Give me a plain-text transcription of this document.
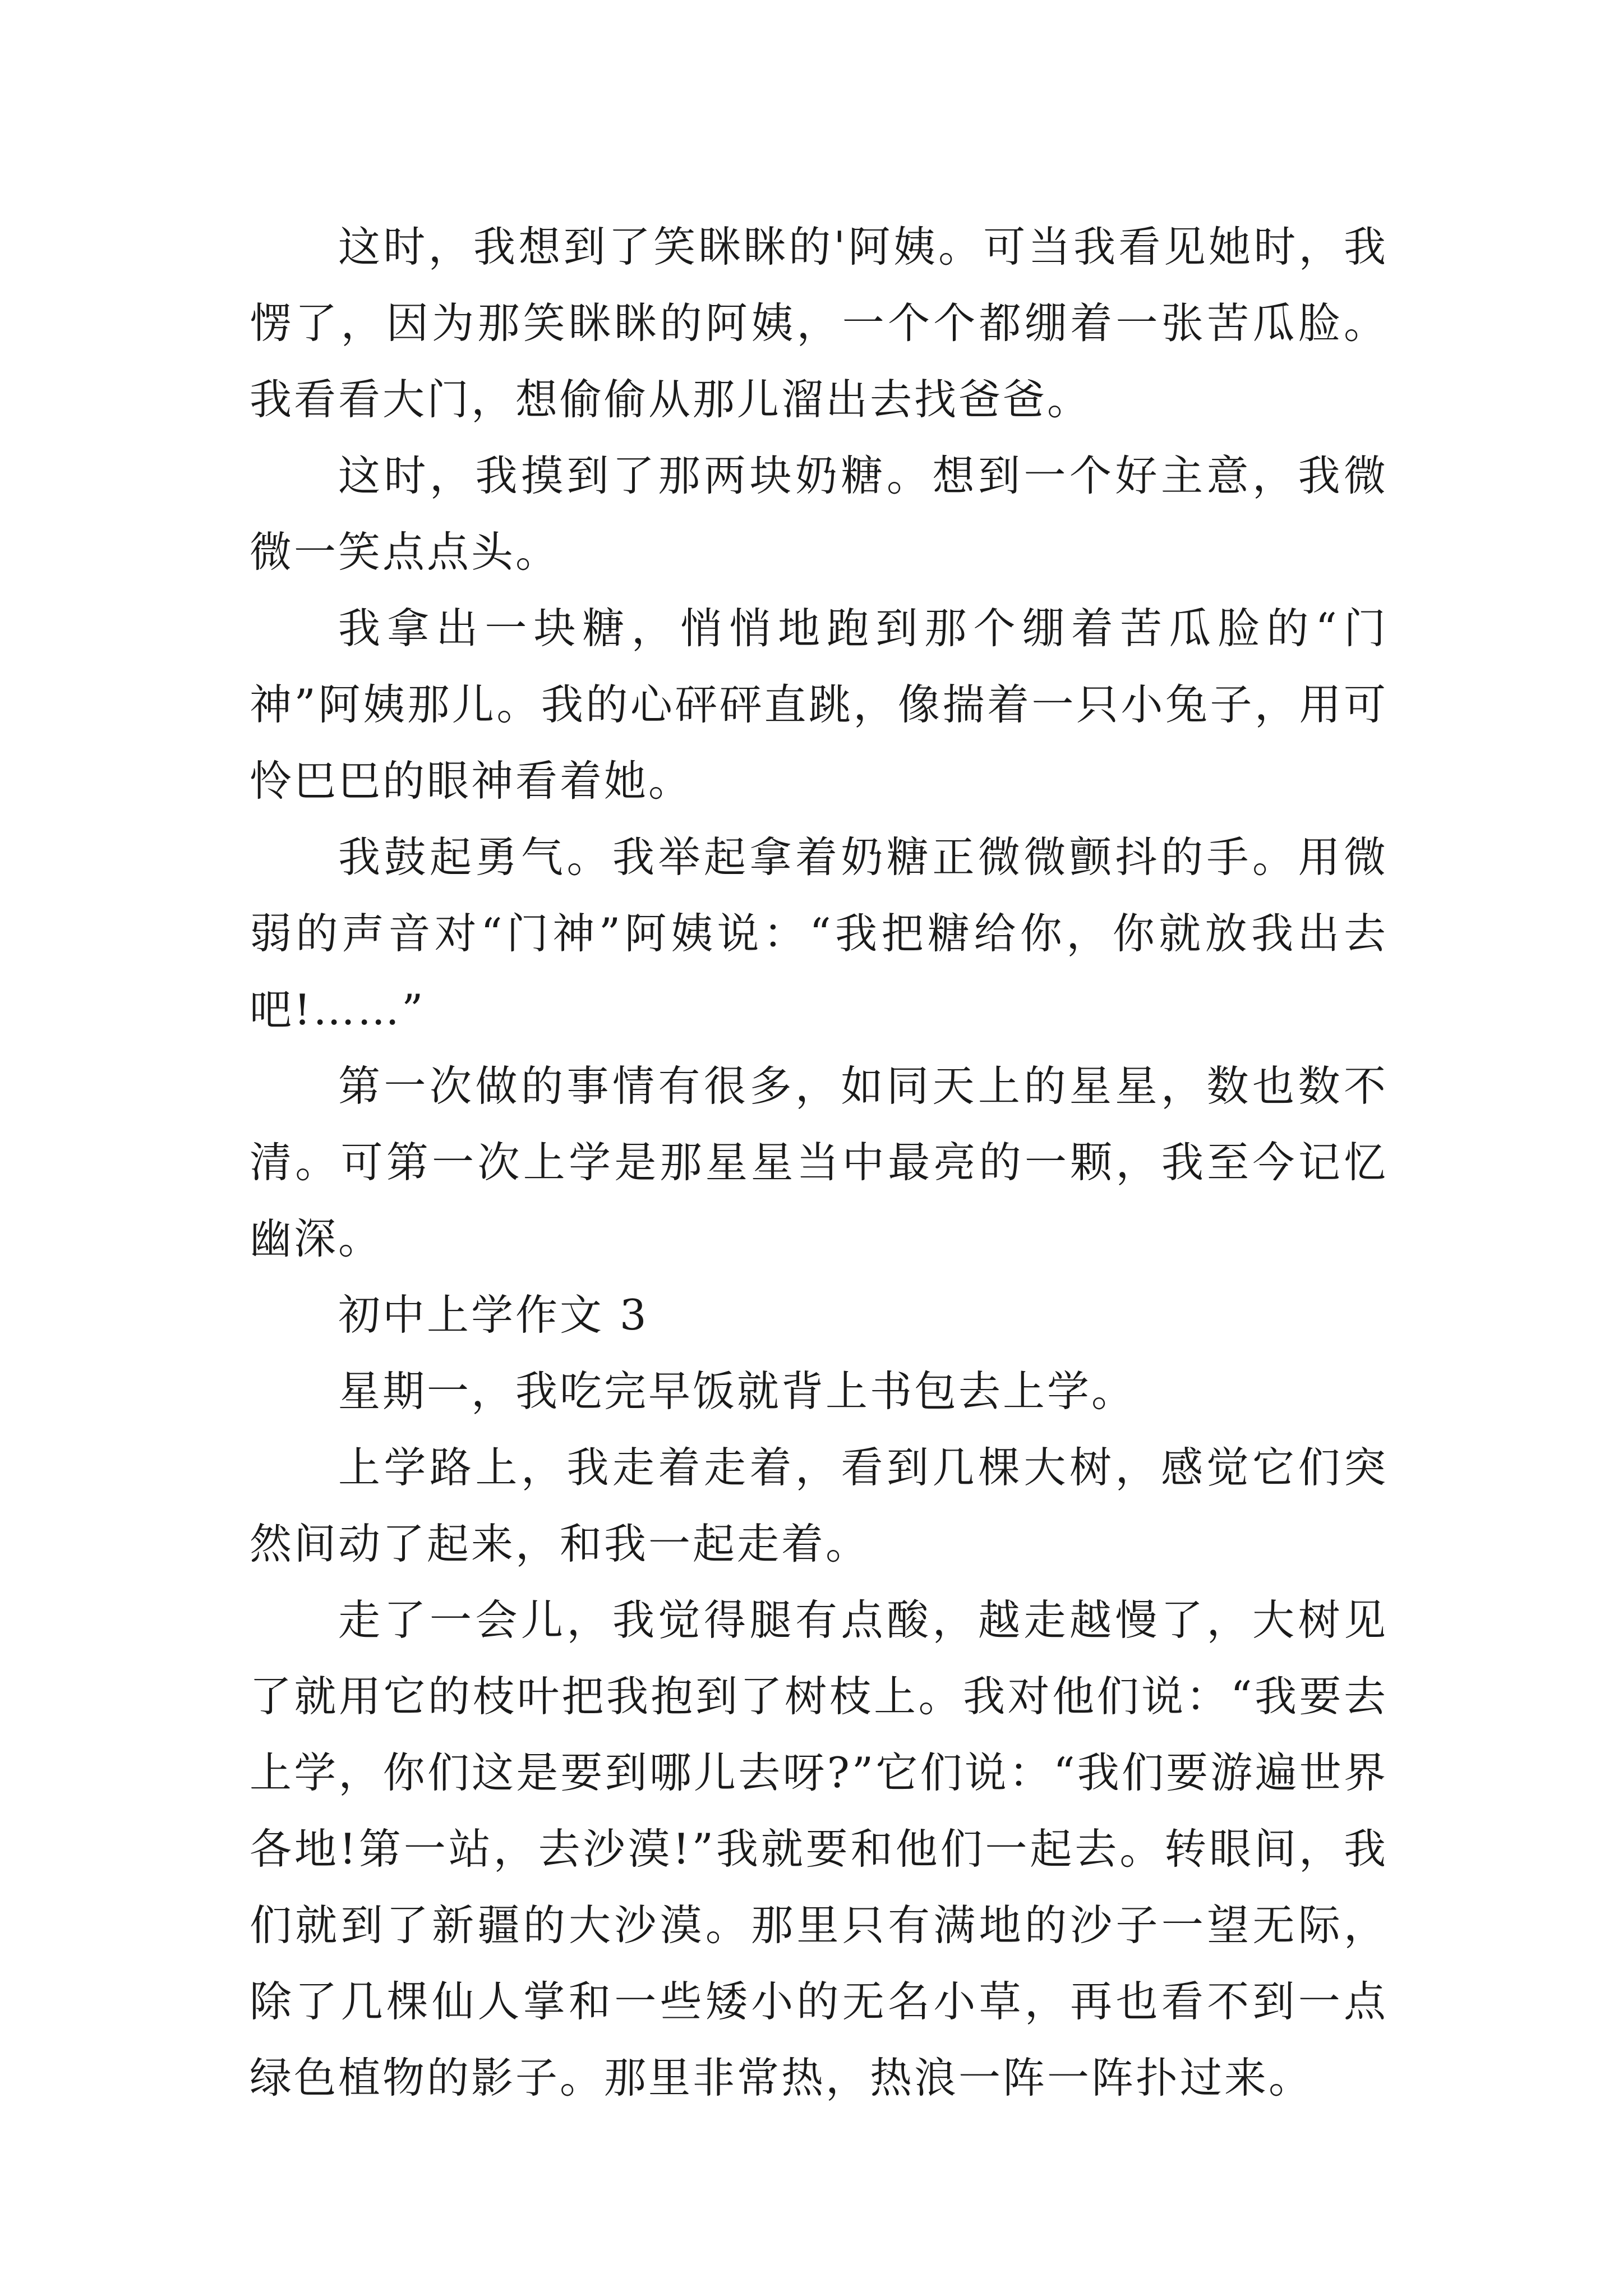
这时，我想到了笑眯眯的'阿姨。可当我看见她时，我愣了，因为那笑眯眯的阿姨，一个个都绷着一张苦瓜脸。我看看大门，想偷偷从那儿溜出去找爸爸。

这时，我摸到了那两块奶糖。想到一个好主意，我微微一笑点点头。

我拿出一块糖，悄悄地跑到那个绷着苦瓜脸的“门神”阿姨那儿。我的心砰砰直跳，像揣着一只小兔子，用可怜巴巴的眼神看着她。

我鼓起勇气。我举起拿着奶糖正微微颤抖的手。用微弱的声音对“门神”阿姨说：“我把糖给你，你就放我出去吧!……”

第一次做的事情有很多，如同天上的星星，数也数不清。可第一次上学是那星星当中最亮的一颗，我至今记忆幽深。

初中上学作文 3

星期一，我吃完早饭就背上书包去上学。

上学路上，我走着走着，看到几棵大树，感觉它们突然间动了起来，和我一起走着。

走了一会儿，我觉得腿有点酸，越走越慢了，大树见了就用它的枝叶把我抱到了树枝上。我对他们说：“我要去上学，你们这是要到哪儿去呀?”它们说：“我们要游遍世界各地!第一站，去沙漠!”我就要和他们一起去。转眼间，我们就到了新疆的大沙漠。那里只有满地的沙子一望无际，除了几棵仙人掌和一些矮小的无名小草，再也看不到一点绿色植物的影子。那里非常热，热浪一阵一阵扑过来。
